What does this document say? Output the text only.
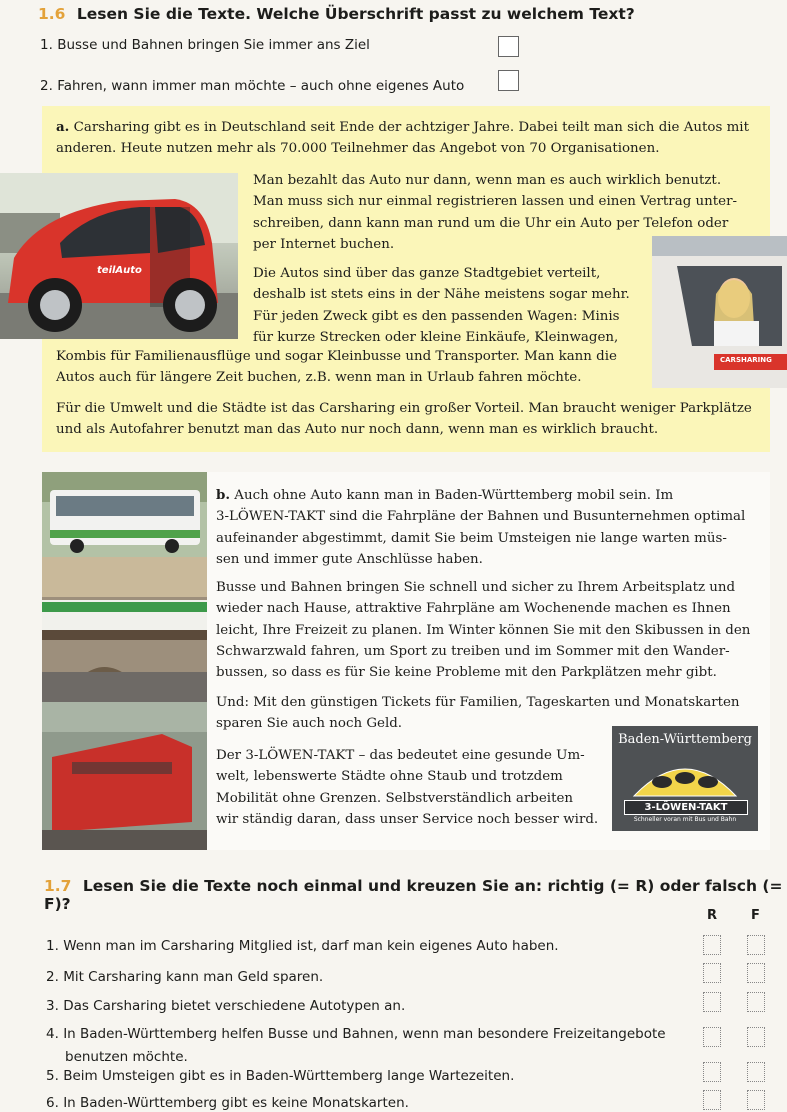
1.6 Lesen Sie die Texte. Welche Überschrift passt zu welchem Text?
1. Busse und Bahnen bringen Sie immer ans Ziel
2. Fahren, wann immer man möchte – auch ohne eigenes Auto

a. Carsharing gibt es in Deutschland seit Ende der achtziger Jahre. Dabei teilt man sich die Autos mit
anderen. Heute nutzen mehr als 70.000 Teilnehmer das Angebot von 70 Organisationen.

teilAuto

Man bezahlt das Auto nur dann, wenn man es auch wirklich benutzt.
Man muss sich nur einmal registrieren lassen und einen Vertrag unter-
schreiben, dann kann man rund um die Uhr ein Auto per Telefon oder
per Internet buchen.

CARSHARING

Die Autos sind über das ganze Stadtgebiet verteilt,
deshalb ist stets eins in der Nähe meistens sogar mehr.
Für jeden Zweck gibt es den passenden Wagen: Minis
für kurze Strecken oder kleine Einkäufe, Kleinwagen,

Kombis für Familienausflüge und sogar Kleinbusse und Transporter. Man kann die
Autos auch für längere Zeit buchen, z.B. wenn man in Urlaub fahren möchte.

Für die Umwelt und die Städte ist das Carsharing ein großer Vorteil. Man braucht weniger Parkplätze
und als Autofahrer benutzt man das Auto nur noch dann, wenn man es wirklich braucht.

b. Auch ohne Auto kann man in Baden-Württemberg mobil sein. Im
3-LÖWEN-TAKT sind die Fahrpläne der Bahnen und Busunternehmen optimal
aufeinander abgestimmt, damit Sie beim Umsteigen nie lange warten müs-
sen und immer gute Anschlüsse haben.

Busse und Bahnen bringen Sie schnell und sicher zu Ihrem Arbeitsplatz und
wieder nach Hause, attraktive Fahrpläne am Wochenende machen es Ihnen
leicht, Ihre Freizeit zu planen. Im Winter können Sie mit den Skibussen in den
Schwarzwald fahren, um Sport zu treiben und im Sommer mit den Wander-
bussen, so dass es für Sie keine Probleme mit den Parkplätzen mehr gibt.

Und: Mit den günstigen Tickets für Familien, Tageskarten und Monatskarten
sparen Sie auch noch Geld.

Der 3-LÖWEN-TAKT – das bedeutet eine gesunde Um-
welt, lebenswerte Städte ohne Staub und trotzdem
Mobilität ohne Grenzen. Selbstverständlich arbeiten
wir ständig daran, dass unser Service noch besser wird.

Baden-Württemberg
3-LÖWEN-TAKT
Schneller voran mit Bus und Bahn
1.7 Lesen Sie die Texte noch einmal und kreuzen Sie an: richtig (= R) oder falsch (= F)?
R	F
1. Wenn man im Carsharing Mitglied ist, darf man kein eigenes Auto haben.
2. Mit Carsharing kann man Geld sparen.
3. Das Carsharing bietet verschiedene Autotypen an.
4. In Baden-Württemberg helfen Busse und Bahnen, wenn man besondere Freizeitangebote
benutzen möchte.
5. Beim Umsteigen gibt es in Baden-Württemberg lange Wartezeiten.
6. In Baden-Württemberg gibt es keine Monatskarten.
